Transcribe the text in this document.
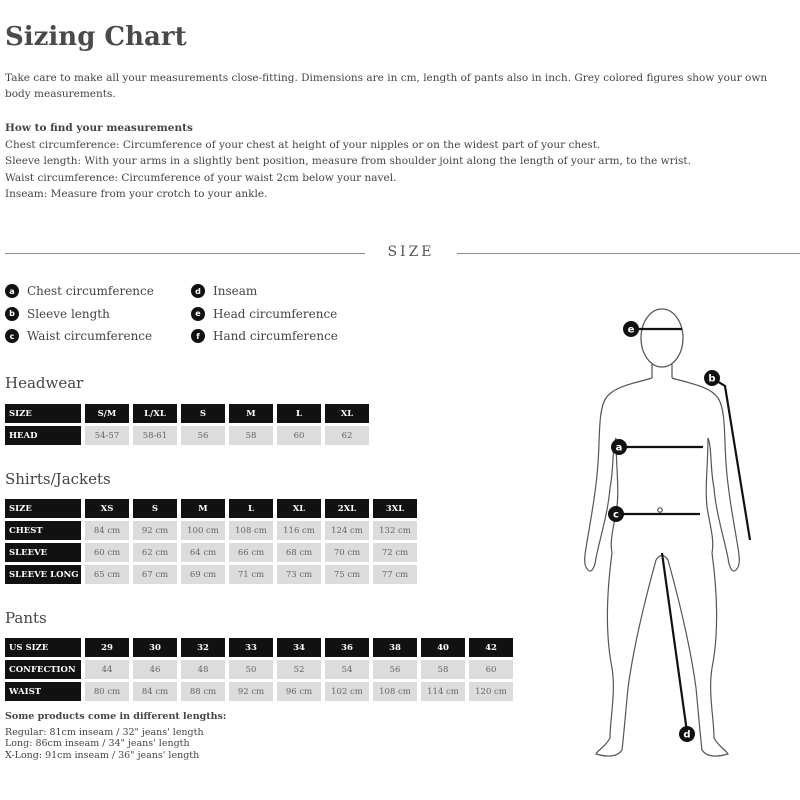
Sizing Chart

Take care to make all your measurements close-fitting. Dimensions are in cm, length of pants also in inch. Grey colored figures show your own body measurements.

How to find your measurements
Chest circumference: Circumference of your chest at height of your nipples or on the widest part of your chest.
Sleeve length: With your arms in a slightly bent position, measure from shoulder joint along the length of your arm, to the wrist.
Waist circumference: Circumference of your waist 2cm below your navel.
Inseam: Measure from your crotch to your ankle.
SIZE
a	Chest circumference
b	Sleeve length
c	Waist circumference
d	Inseam
e	Head circumference
f	Hand circumference
Headwear
SIZE	S/M	L/XL	S	M	L	XL
HEAD	54-57	58-61	56	58	60	62
Shirts/Jackets
SIZE	XS	S	M	L	XL	2XL	3XL
CHEST	84 cm	92 cm	100 cm	108 cm	116 cm	124 cm	132 cm
SLEEVE	60 cm	62 cm	64 cm	66 cm	68 cm	70 cm	72 cm
SLEEVE LONG	65 cm	67 cm	69 cm	71 cm	73 cm	75 cm	77 cm
Pants
US SIZE	29	30	32	33	34	36	38	40	42
CONFECTION	44	46	48	50	52	54	56	58	60
WAIST	80 cm	84 cm	88 cm	92 cm	96 cm	102 cm	108 cm	114 cm	120 cm
Some products come in different lengths:
Regular: 81cm inseam / 32" jeans' length
Long: 86cm inseam / 34" jeans' length
X-Long: 91cm inseam / 36" jeans' length
e
b
a
c
d
